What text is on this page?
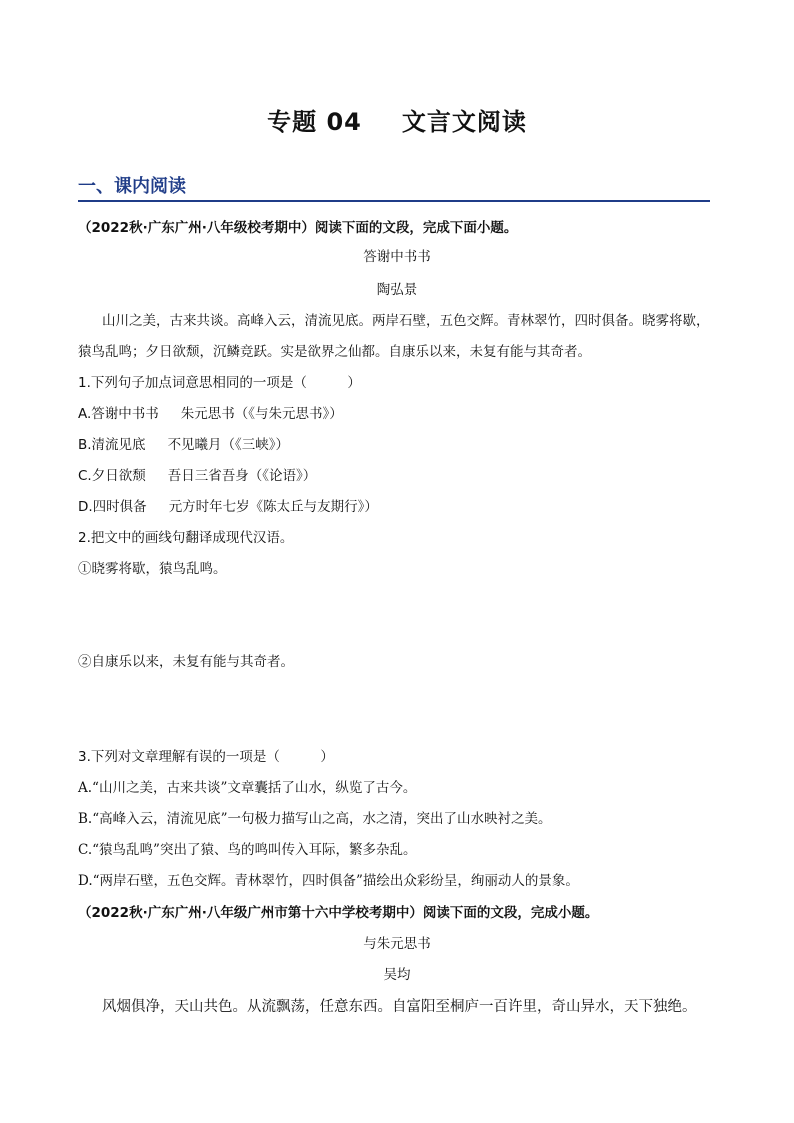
专题 04 文言文阅读
一、课内阅读
（2022秋·广东广州·八年级校考期中）阅读下面的文段，完成下面小题。
答谢中书书
陶弘景
山川之美，古来共谈。高峰入云，清流见底。两岸石壁，五色交辉。青林翠竹，四时俱备。晓雾将歇，
猿鸟乱鸣；夕日欲颓，沉鳞竞跃。实是欲界之仙都。自康乐以来，未复有能与其奇者。
1.下列句子加点词意思相同的一项是（　　　）
A.答谢中书书 朱元思书（《与朱元思书》）
B.清流见底 不见曦月（《三峡》）
C.夕日欲颓 吾日三省吾身（《论语》）
D.四时俱备 元方时年七岁《陈太丘与友期行》）
2.把文中的画线句翻译成现代汉语。
①晓雾将歇，猿鸟乱鸣。
②自康乐以来，未复有能与其奇者。
3.下列对文章理解有误的一项是（　　　）
A.“山川之美，古来共谈”文章囊括了山水，纵览了古今。
B.“高峰入云，清流见底”一句极力描写山之高，水之清，突出了山水映衬之美。
C.“猿鸟乱鸣”突出了猿、鸟的鸣叫传入耳际，繁多杂乱。
D.“两岸石壁，五色交辉。青林翠竹，四时俱备”描绘出众彩纷呈，绚丽动人的景象。
（2022秋·广东广州·八年级广州市第十六中学校考期中）阅读下面的文段，完成小题。
与朱元思书
吴均
风烟俱净，天山共色。从流飘荡，任意东西。自富阳至桐庐一百许里，奇山异水，天下独绝。
